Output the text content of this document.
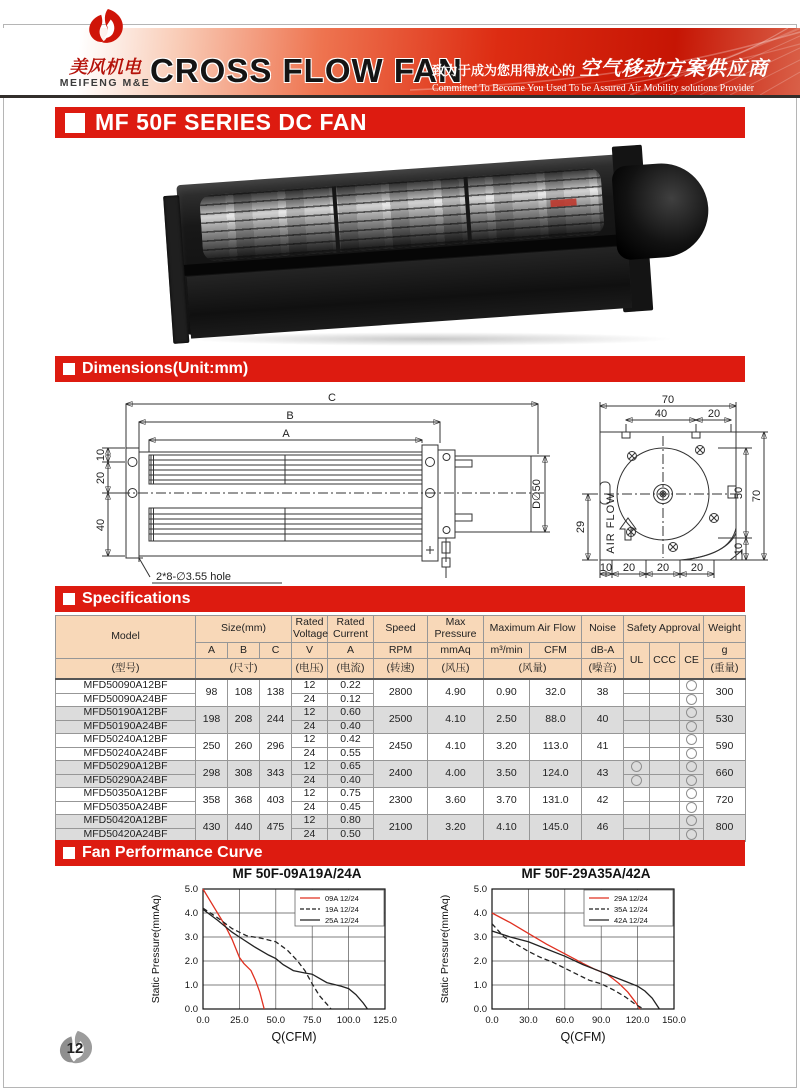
美风机电
MEIFENG M&E CROSS FLOW FAN
致力于成为您用得放心的 空气移动方案供应商
Committed To Become You Used To be Assured Air Mobility solutions Provider
MF 50F SERIES DC FAN
Dimensions(Unit:mm)
C
B
A
10
20
40
D∅50
2*8-∅3.55 hole
AIR FLOW
70
40	20
29
50
10
70
10 20 20 20
Specifications
Model	Size(mm)			Rated Voltage	Rated Current	Speed	Max Pressure	Maximum Air Flow		Noise	Safety Approval			Weight
	A	B	C	V	A	RPM	mmAq	m³/min	CFM	dB-A	UL	CCC	CE	g
(型号)	(尺寸)			(电压)	(电流)	(转速)	(风压)	(风量)		(噪音)				(重量)
MFD50090A12BF	98	108	138	12	0.22	2800	4.90	0.90	32.0	38				300
MFD50090A24BF				24	0.12									
MFD50190A12BF	198	208	244	12	0.60	2500	4.10	2.50	88.0	40				530
MFD50190A24BF				24	0.40									
MFD50240A12BF	250	260	296	12	0.42	2450	4.10	3.20	113.0	41				590
MFD50240A24BF				24	0.55									
MFD50290A12BF	298	308	343	12	0.65	2400	4.00	3.50	124.0	43				660
MFD50290A24BF				24	0.40									
MFD50350A12BF	358	368	403	12	0.75	2300	3.60	3.70	131.0	42				720
MFD50350A24BF				24	0.45									
MFD50420A12BF	430	440	475	12	0.80	2100	3.20	4.10	145.0	46				800
MFD50420A24BF				24	0.50									
Fan Performance Curve
MF 50F-09A19A/24A
0.0 25.0 50.0 75.0 100.0 125.0
0.0
1.0
2.0
3.0
4.0
5.0
Q(CFM)
Static Pressure(mmAq)	09A 12/24
19A 12/24
25A 12/24
MF 50F-29A35A/42A
0.0 30.0 60.0 90.0 120.0 150.0
0.0
1.0
2.0
3.0
4.0
5.0
Q(CFM)
Static Pressure(mmAq)	29A 12/24
35A 12/24
42A 12/24
12
